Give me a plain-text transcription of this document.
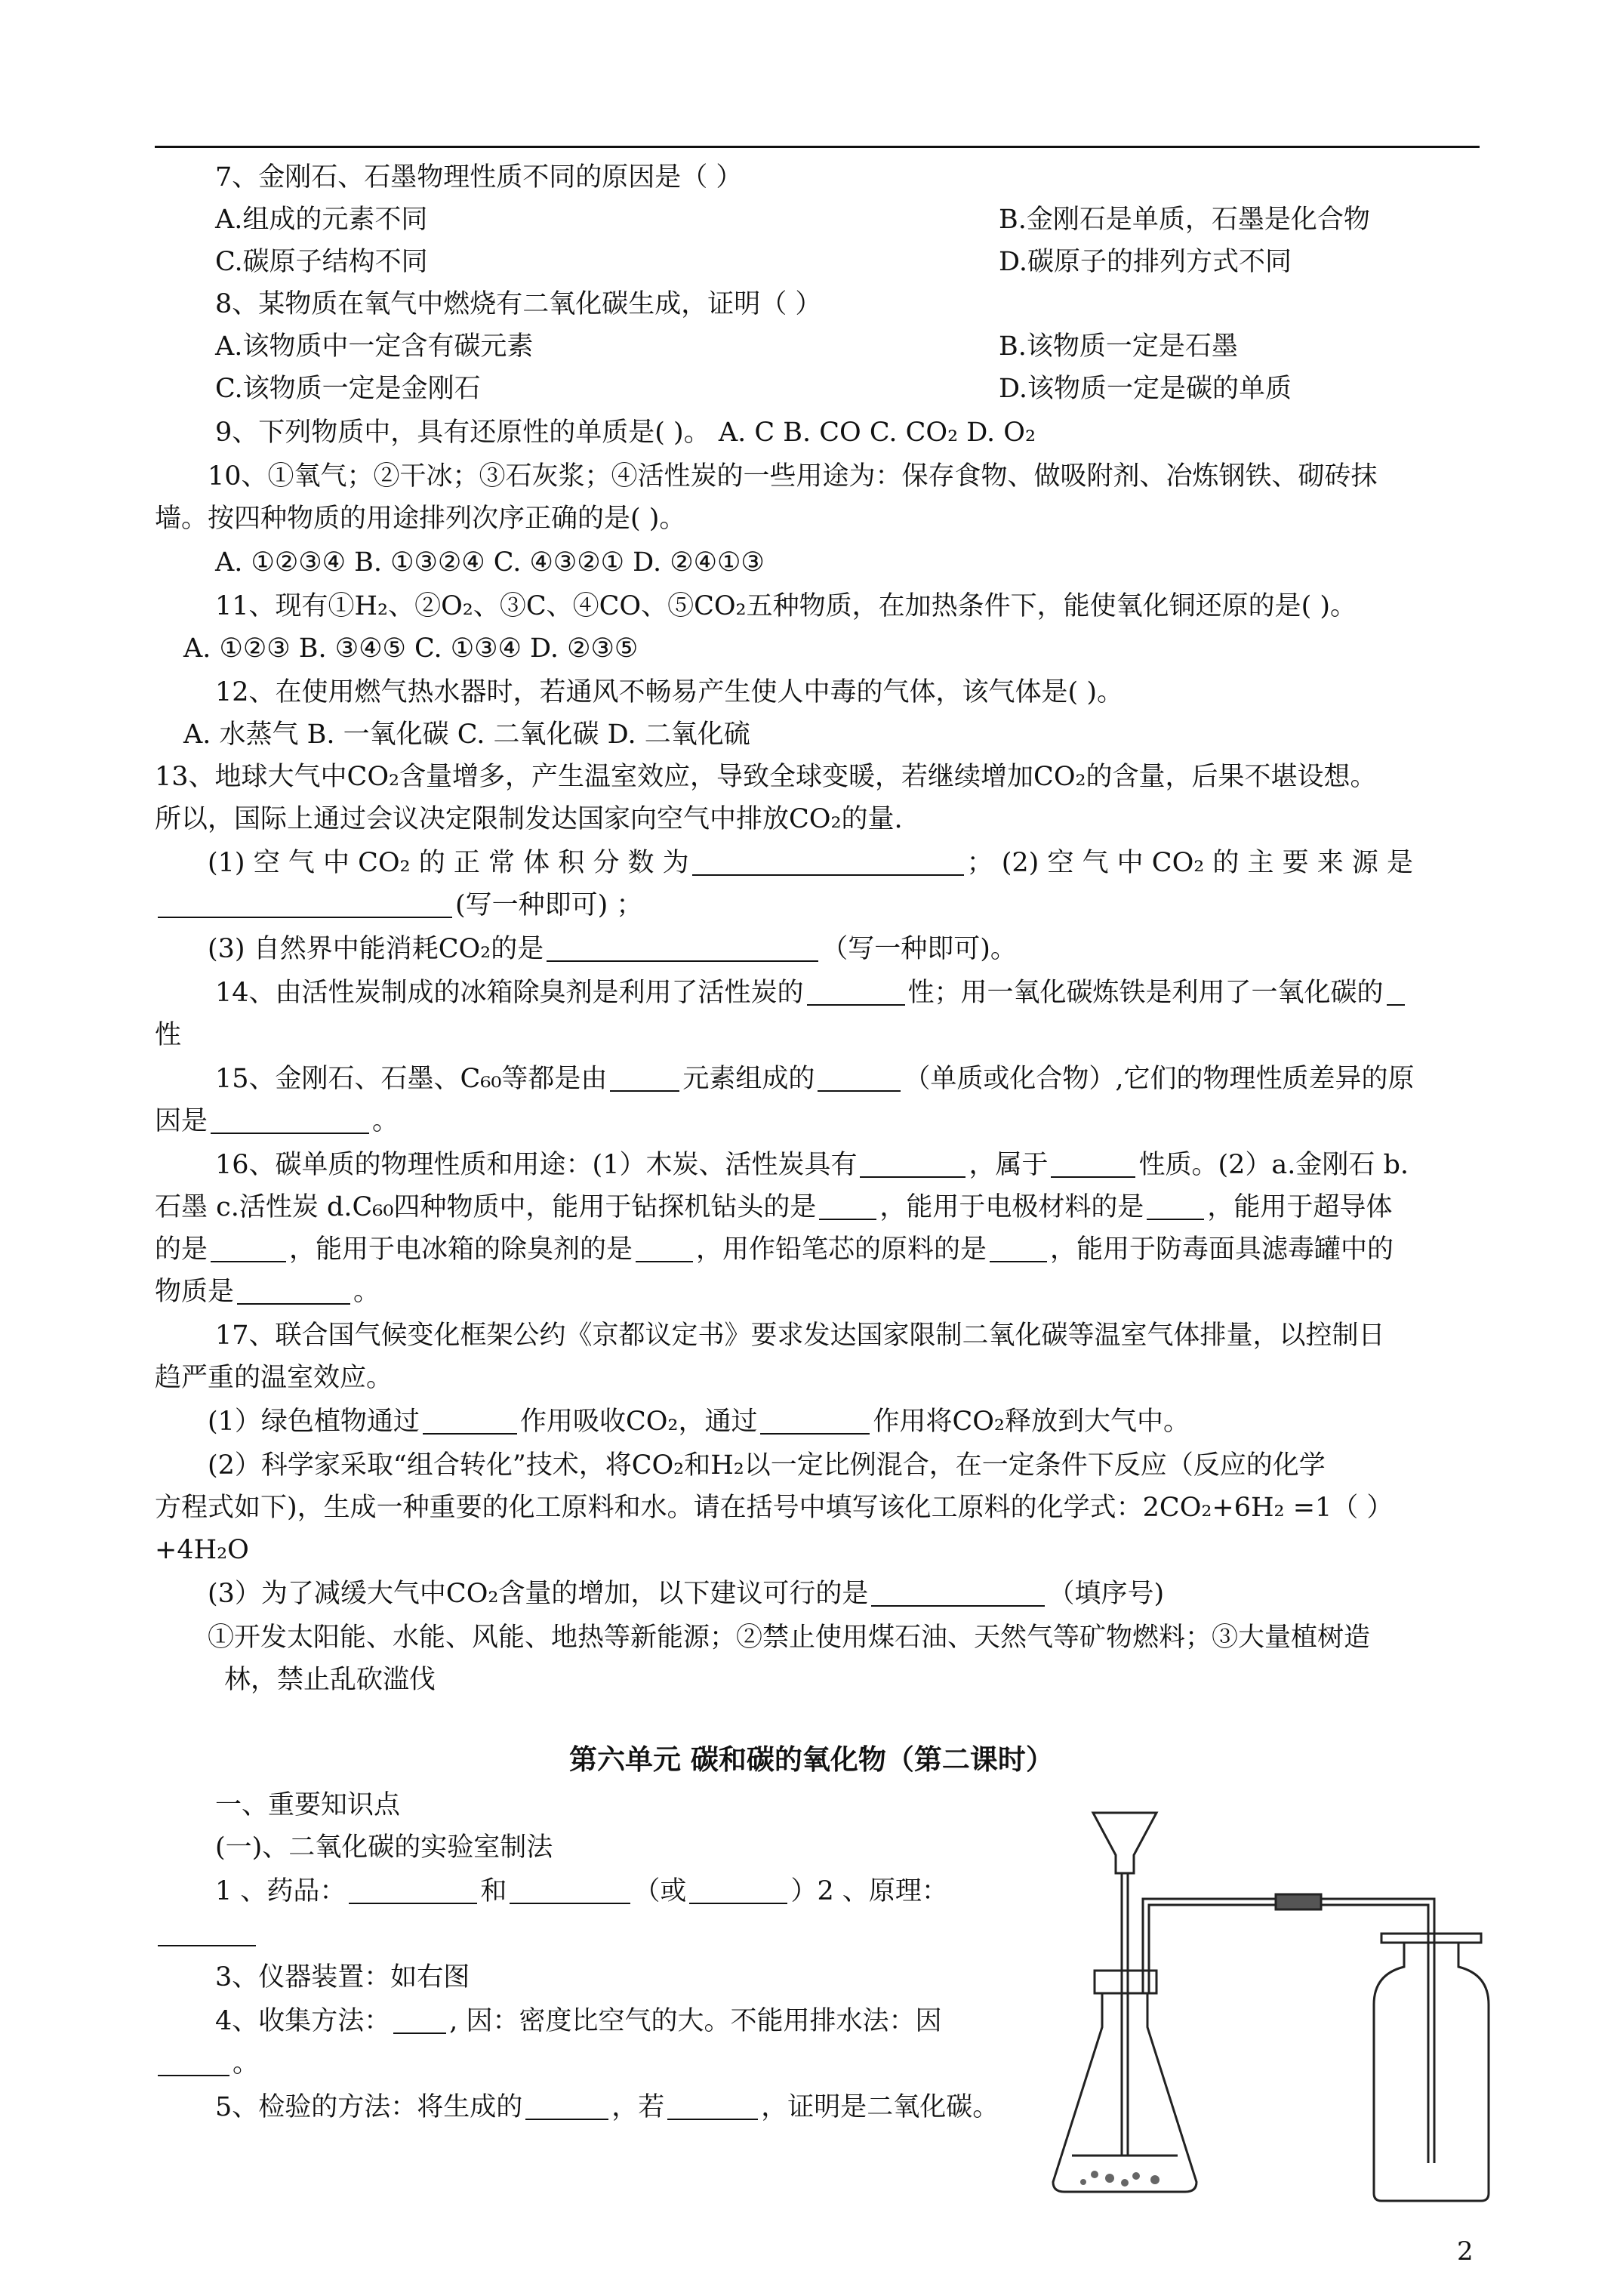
7、金刚石、石墨物理性质不同的原因是（ ）
A.组成的元素不同	B.金刚石是单质，石墨是化合物
C.碳原子结构不同	D.碳原子的排列方式不同
8、某物质在氧气中燃烧有二氧化碳生成，证明（ ）
A.该物质中一定含有碳元素	B.该物质一定是石墨
C.该物质一定是金刚石	D.该物质一定是碳的单质
9、下列物质中，具有还原性的单质是( )。 A. C B. CO C. CO₂ D. O₂
10、①氧气；②干冰；③石灰浆；④活性炭的一些用途为：保存食物、做吸附剂、冶炼钢铁、砌砖抹
墙。按四种物质的用途排列次序正确的是( )。
A. ①②③④ B. ①③②④ C. ④③②① D. ②④①③
11、现有①H₂、②O₂、③C、④CO、⑤CO₂五种物质，在加热条件下，能使氧化铜还原的是( )。
A. ①②③ B. ③④⑤ C. ①③④ D. ②③⑤
12、在使用燃气热水器时，若通风不畅易产生使人中毒的气体，该气体是( )。
A. 水蒸气 B. 一氧化碳 C. 二氧化碳 D. 二氧化硫
13、地球大气中CO₂含量增多，产生温室效应，导致全球变暖，若继续增加CO₂的含量，后果不堪设想。
所以，国际上通过会议决定限制发达国家向空气中排放CO₂的量.
(1) 空 气 中 CO₂ 的 正 常 体 积 分 数 为	； (2) 空 气 中 CO₂ 的 主 要 来 源 是
(写一种即可) ；
(3) 自然界中能消耗CO₂的是	（写一种即可)。
14、由活性炭制成的冰箱除臭剂是利用了活性炭的	性；用一氧化碳炼铁是利用了一氧化碳的
性
15、金刚石、石墨、C₆₀等都是由	元素组成的	（单质或化合物）,它们的物理性质差异的原
因是	。
16、碳单质的物理性质和用途：(1）木炭、活性炭具有	，属于	性质。(2）a.金刚石 b.
石墨 c.活性炭 d.C₆₀四种物质中，能用于钻探机钻头的是 ，能用于电极材料的是 ，能用于超导体
的是	，能用于电冰箱的除臭剂的是 ，用作铅笔芯的原料的是 ，能用于防毒面具滤毒罐中的
物质是	。
17、联合国气候变化框架公约《京都议定书》要求发达国家限制二氧化碳等温室气体排量，以控制日
趋严重的温室效应。
(1）绿色植物通过	作用吸收CO₂，通过	作用将CO₂释放到大气中。
(2）科学家采取“组合转化”技术，将CO₂和H₂以一定比例混合，在一定条件下反应（反应的化学
方程式如下)，生成一种重要的化工原料和水。请在括号中填写该化工原料的化学式：2CO₂+6H₂ =1（ ）
+4H₂O
(3）为了减缓大气中CO₂含量的增加，以下建议可行的是	（填序号)
①开发太阳能、水能、风能、地热等新能源；②禁止使用煤石油、天然气等矿物燃料；③大量植树造
林，禁止乱砍滥伐
第六单元 碳和碳的氧化物（第二课时）
一、重要知识点
(一)、二氧化碳的实验室制法
1 、药品：	和	（或	）2 、原理：
3、仪器装置：如右图
4、收集方法： , 因：密度比空气的大。不能用排水法：因
。
5、检验的方法：将生成的	，若	，证明是二氧化碳。
2
